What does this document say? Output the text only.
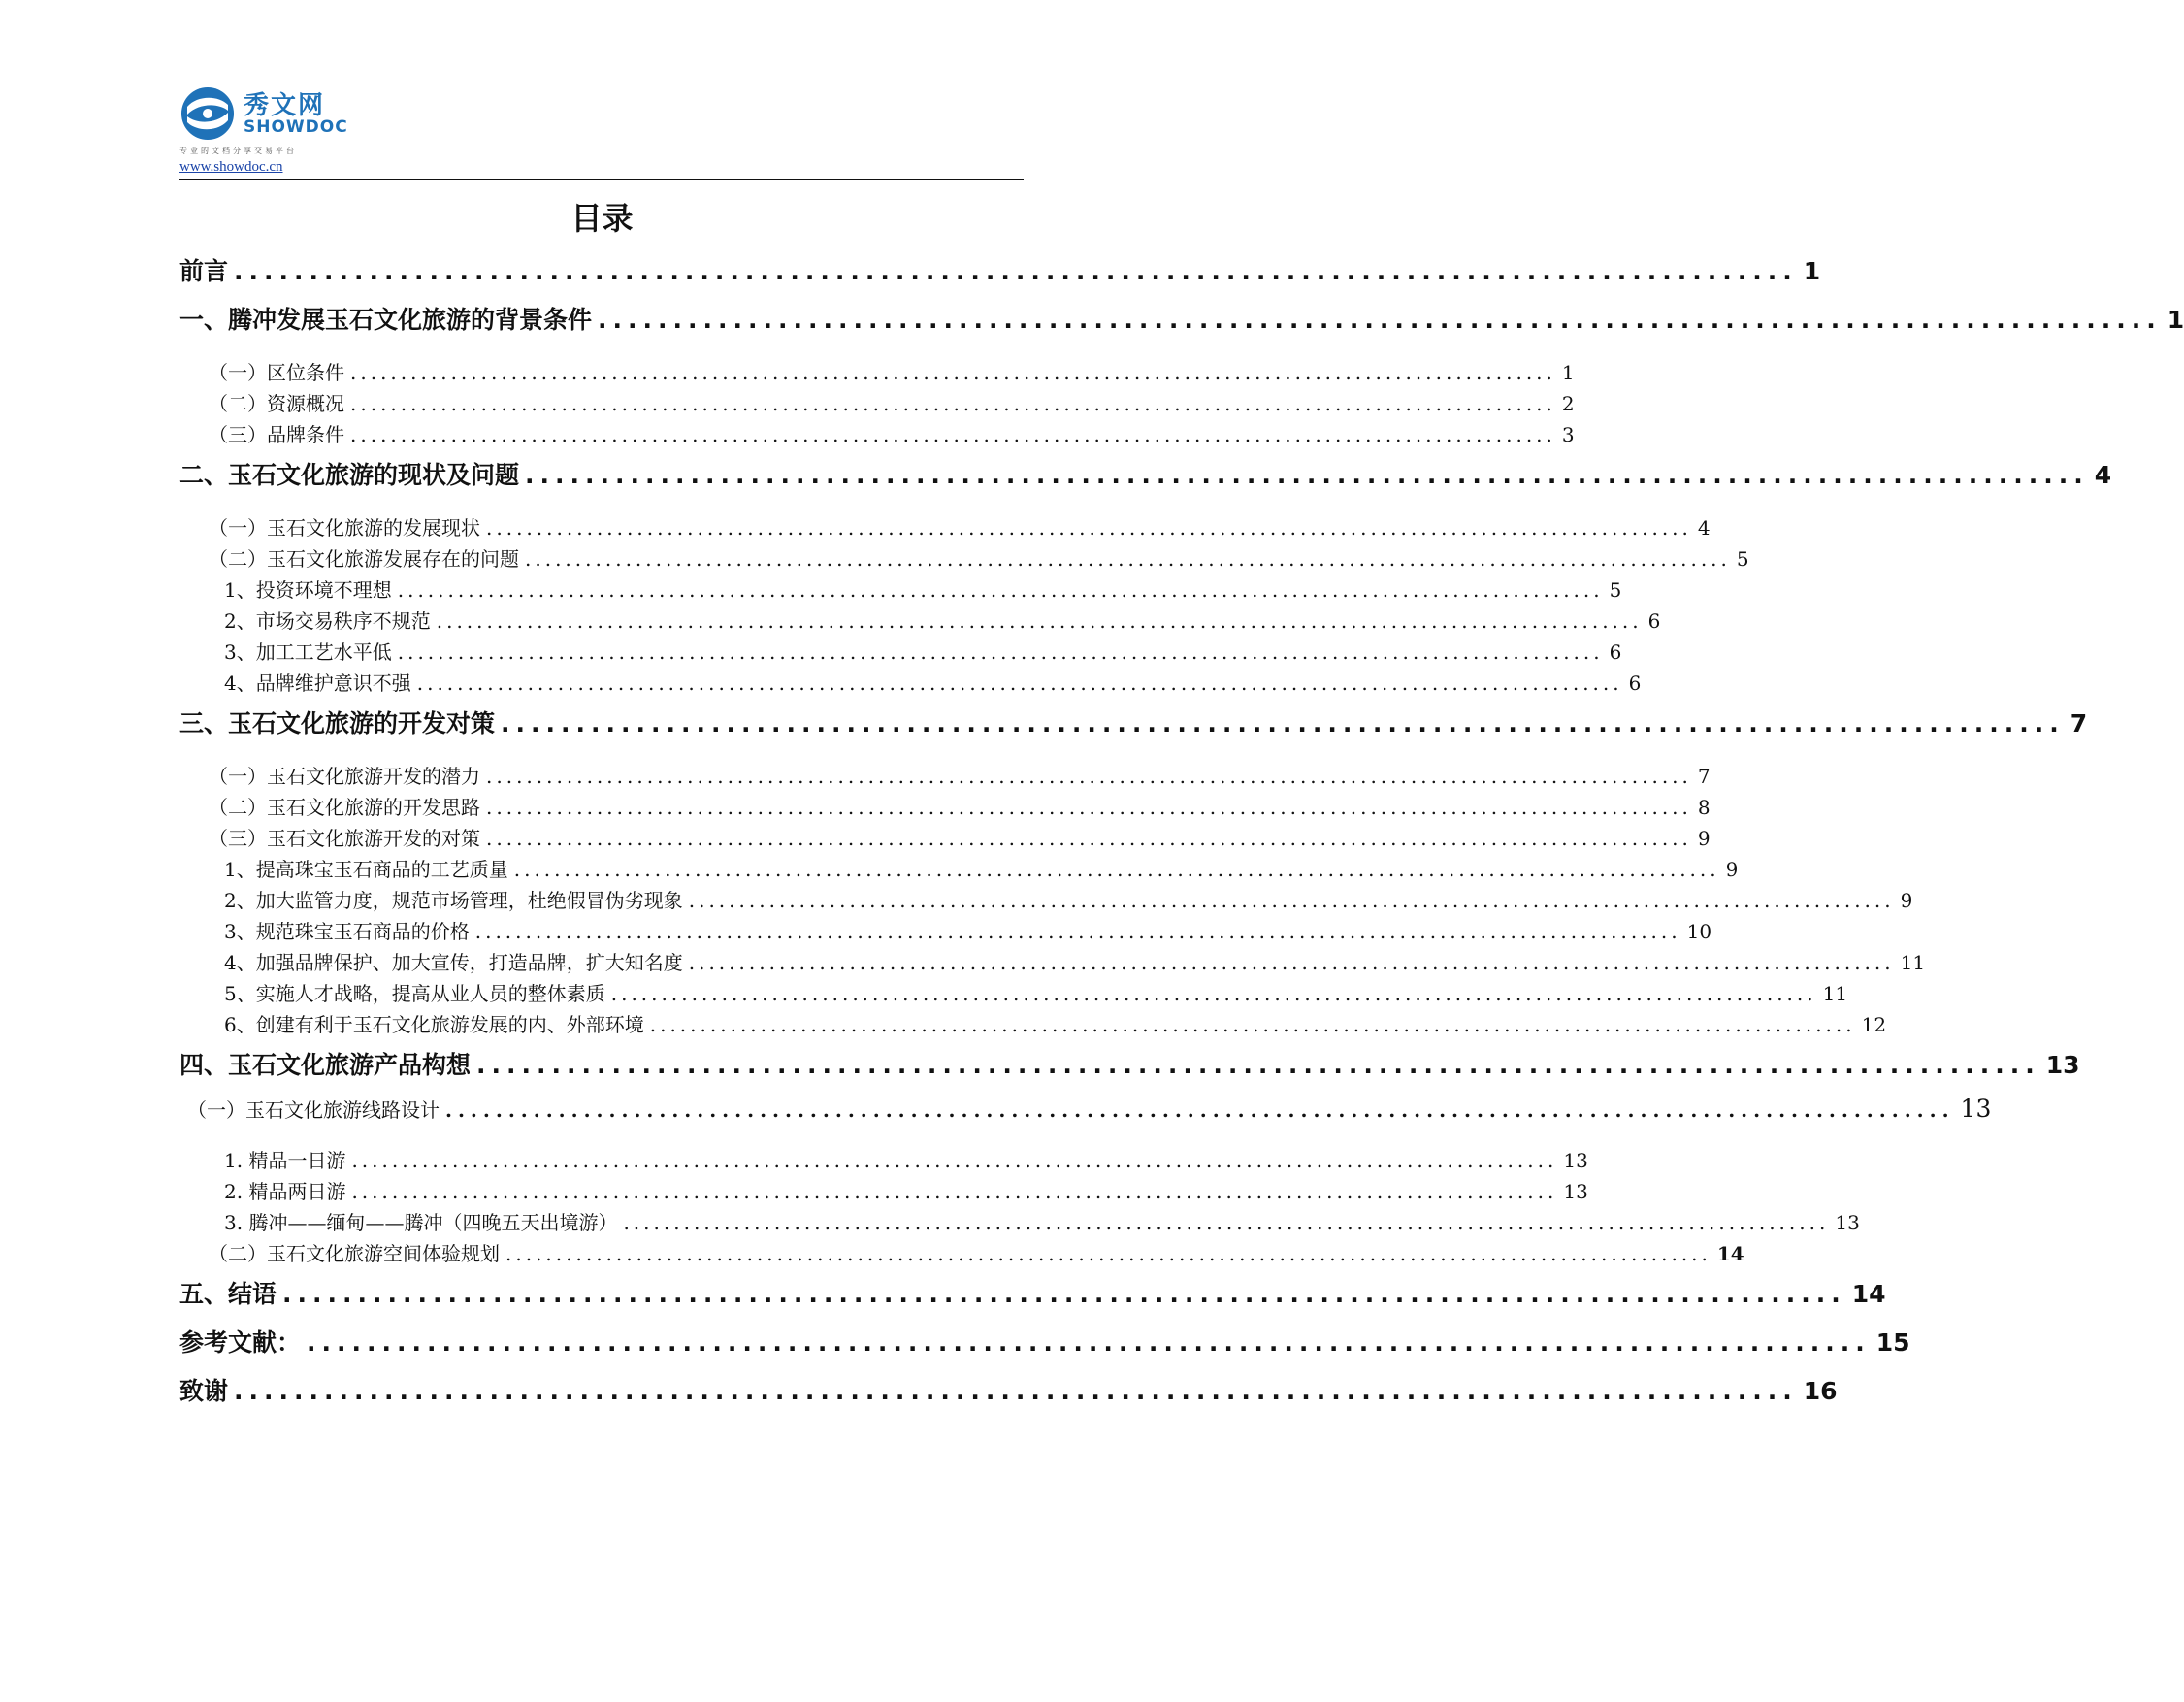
秀文网
SHOWDOC
专业的文档分享交易平台
www.showdoc.cn
目录
前言 ........................................................................................................ 1
一、腾冲发展玉石文化旅游的背景条件 ........................................................................................................ 1
（一）区位条件 ........................................................................................................................ 1
（二）资源概况 ........................................................................................................................ 2
（三）品牌条件 ........................................................................................................................ 3
二、玉石文化旅游的现状及问题 ........................................................................................................ 4
（一）玉石文化旅游的发展现状 ........................................................................................................................ 4
（二）玉石文化旅游发展存在的问题 ........................................................................................................................ 5
1、投资环境不理想 ........................................................................................................................ 5
2、市场交易秩序不规范 ........................................................................................................................ 6
3、加工工艺水平低 ........................................................................................................................ 6
4、品牌维护意识不强 ........................................................................................................................ 6
三、玉石文化旅游的开发对策 ........................................................................................................ 7
（一）玉石文化旅游开发的潜力 ........................................................................................................................ 7
（二）玉石文化旅游的开发思路 ........................................................................................................................ 8
（三）玉石文化旅游开发的对策 ........................................................................................................................ 9
1、提高珠宝玉石商品的工艺质量 ........................................................................................................................ 9
2、加大监管力度，规范市场管理，杜绝假冒伪劣现象 ........................................................................................................................ 9
3、规范珠宝玉石商品的价格 ........................................................................................................................ 10
4、加强品牌保护、加大宣传，打造品牌，扩大知名度 ........................................................................................................................ 11
5、实施人才战略，提高从业人员的整体素质 ........................................................................................................................ 11
6、创建有利于玉石文化旅游发展的内、外部环境 ........................................................................................................................ 12
四、玉石文化旅游产品构想 ........................................................................................................ 13
（一）玉石文化旅游线路设计 ........................................................................................................................ 13
1. 精品一日游 ........................................................................................................................ 13
2. 精品两日游 ........................................................................................................................ 13
3. 腾冲——缅甸——腾冲（四晚五天出境游） ........................................................................................................................ 13
（二）玉石文化旅游空间体验规划 ........................................................................................................................ 14
五、结语 ........................................................................................................ 14
参考文献： ........................................................................................................ 15
致谢 ........................................................................................................ 16
